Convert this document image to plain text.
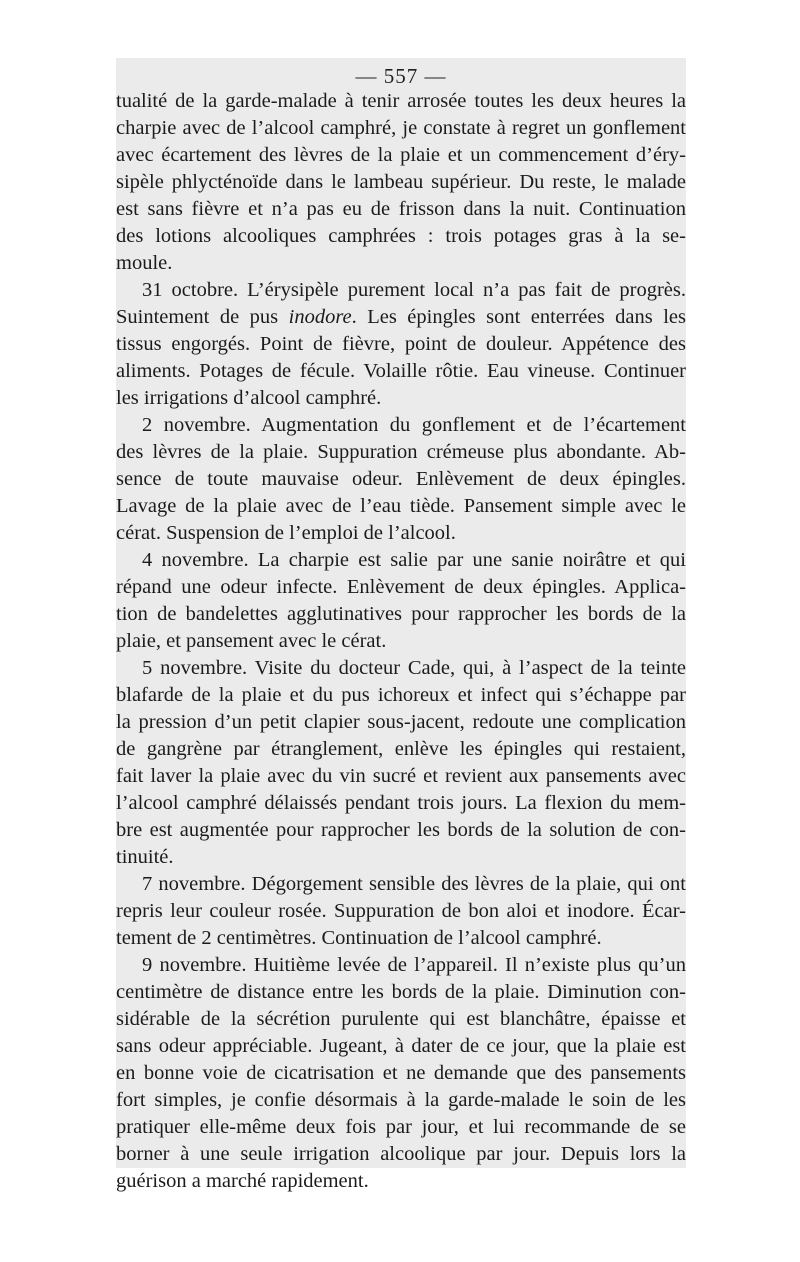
— 557 —
tualité de la garde-malade à tenir arrosée toutes les deux heures la
charpie avec de l’alcool camphré, je constate à regret un gonflement
avec écartement des lèvres de la plaie et un commencement d’éry-
sipèle phlycténoïde dans le lambeau supérieur. Du reste, le malade
est sans fièvre et n’a pas eu de frisson dans la nuit. Continuation
des lotions alcooliques camphrées : trois potages gras à la se-
moule.
31 octobre. L’érysipèle purement local n’a pas fait de progrès.
Suintement de pus inodore. Les épingles sont enterrées dans les
tissus engorgés. Point de fièvre, point de douleur. Appétence des
aliments. Potages de fécule. Volaille rôtie. Eau vineuse. Continuer
les irrigations d’alcool camphré.
2 novembre. Augmentation du gonflement et de l’écartement
des lèvres de la plaie. Suppuration crémeuse plus abondante. Ab-
sence de toute mauvaise odeur. Enlèvement de deux épingles.
Lavage de la plaie avec de l’eau tiède. Pansement simple avec le
cérat. Suspension de l’emploi de l’alcool.
4 novembre. La charpie est salie par une sanie noirâtre et qui
répand une odeur infecte. Enlèvement de deux épingles. Applica-
tion de bandelettes agglutinatives pour rapprocher les bords de la
plaie, et pansement avec le cérat.
5 novembre. Visite du docteur Cade, qui, à l’aspect de la teinte
blafarde de la plaie et du pus ichoreux et infect qui s’échappe par
la pression d’un petit clapier sous-jacent, redoute une complication
de gangrène par étranglement, enlève les épingles qui restaient,
fait laver la plaie avec du vin sucré et revient aux pansements avec
l’alcool camphré délaissés pendant trois jours. La flexion du mem-
bre est augmentée pour rapprocher les bords de la solution de con-
tinuité.
7 novembre. Dégorgement sensible des lèvres de la plaie, qui ont
repris leur couleur rosée. Suppuration de bon aloi et inodore. Écar-
tement de 2 centimètres. Continuation de l’alcool camphré.
9 novembre. Huitième levée de l’appareil. Il n’existe plus qu’un
centimètre de distance entre les bords de la plaie. Diminution con-
sidérable de la sécrétion purulente qui est blanchâtre, épaisse et
sans odeur appréciable. Jugeant, à dater de ce jour, que la plaie est
en bonne voie de cicatrisation et ne demande que des pansements
fort simples, je confie désormais à la garde-malade le soin de les
pratiquer elle-même deux fois par jour, et lui recommande de se
borner à une seule irrigation alcoolique par jour. Depuis lors la
guérison a marché rapidement.
